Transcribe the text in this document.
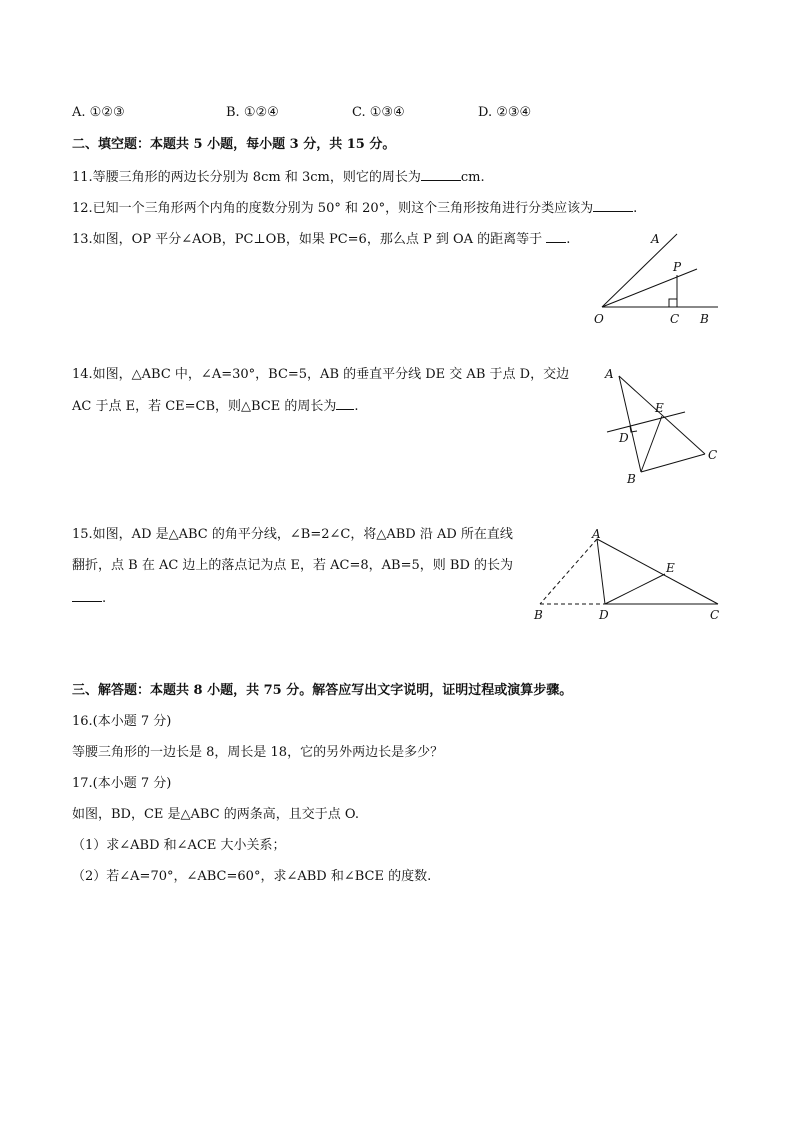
A. ①②③	B. ①②④	C. ①③④	D. ②③④
二、填空题：本题共 5 小题，每小题 3 分，共 15 分。
11.等腰三角形的两边长分别为 8cm 和 3cm，则它的周长为	cm.
12.已知一个三角形两个内角的度数分别为 50° 和 20°，则这个三角形按角进行分类应该为	.
13.如图，OP 平分∠AOB，PC⊥OB，如果 PC=6，那么点 P 到 OA 的距离等于 .	A
P
O	C B
14.如图，△ABC 中，∠A=30°，BC=5，AB 的垂直平分线 DE 交 AB 于点 D，交边
AC 于点 E，若 CE=CB，则△BCE 的周长为 .
A
E
D
C
B
15.如图，AD 是△ABC 的角平分线，∠B=2∠C，将△ABD 沿 AD 所在直线
翻折，点 B 在 AC 边上的落点记为点 E，若 AC=8，AB=5，则 BD 的长为
.
A
E
B	D	C
三、解答题：本题共 8 小题，共 75 分。解答应写出文字说明，证明过程或演算步骤。
16.(本小题 7 分)
等腰三角形的一边长是 8，周长是 18，它的另外两边长是多少？
17.(本小题 7 分)
如图，BD，CE 是△ABC 的两条高，且交于点 O.
（1）求∠ABD 和∠ACE 大小关系；
（2）若∠A=70°，∠ABC=60°，求∠ABD 和∠BCE 的度数.
